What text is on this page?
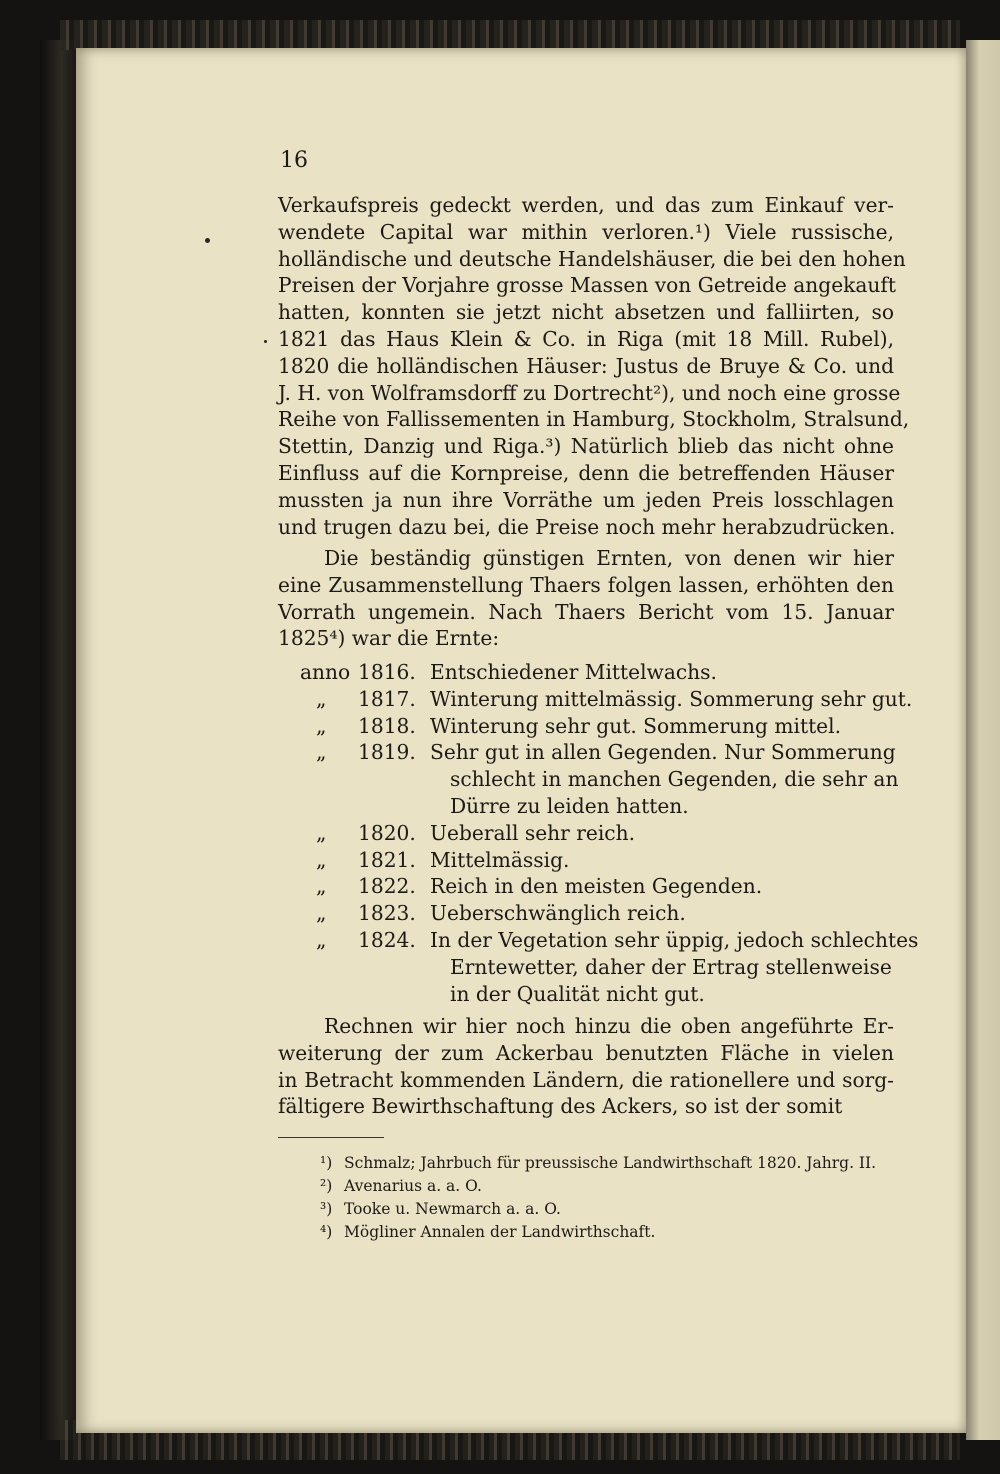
16
Verkaufspreis gedeckt werden, und das zum Einkauf ver-
wendete Capital war mithin verloren.¹) Viele russische,
holländische und deutsche Handelshäuser, die bei den hohen
Preisen der Vorjahre grosse Massen von Getreide angekauft
hatten, konnten sie jetzt nicht absetzen und falliirten, so
1821 das Haus Klein & Co. in Riga (mit 18 Mill. Rubel),
1820 die holländischen Häuser: Justus de Bruye & Co. und
J. H. von Wolframsdorff zu Dortrecht²), und noch eine grosse
Reihe von Fallissementen in Hamburg, Stockholm, Stralsund,
Stettin, Danzig und Riga.³) Natürlich blieb das nicht ohne
Einfluss auf die Kornpreise, denn die betreffenden Häuser
mussten ja nun ihre Vorräthe um jeden Preis losschlagen
und trugen dazu bei, die Preise noch mehr herabzudrücken.
Die beständig günstigen Ernten, von denen wir hier
eine Zusammenstellung Thaers folgen lassen, erhöhten den
Vorrath ungemein. Nach Thaers Bericht vom 15. Januar
1825⁴) war die Ernte:
anno 1816. Entschiedener Mittelwachs.
„	1817. Winterung mittelmässig. Sommerung sehr gut.
„	1818. Winterung sehr gut. Sommerung mittel.
„	1819. Sehr gut in allen Gegenden. Nur Sommerung
schlecht in manchen Gegenden, die sehr an
Dürre zu leiden hatten.
„	1820. Ueberall sehr reich.
„	1821. Mittelmässig.
„	1822. Reich in den meisten Gegenden.
„	1823. Ueberschwänglich reich.
„	1824. In der Vegetation sehr üppig, jedoch schlechtes
Erntewetter, daher der Ertrag stellenweise
in der Qualität nicht gut.
Rechnen wir hier noch hinzu die oben angeführte Er-
weiterung der zum Ackerbau benutzten Fläche in vielen
in Betracht kommenden Ländern, die rationellere und sorg-
fältigere Bewirthschaftung des Ackers, so ist der somit
¹) Schmalz; Jahrbuch für preussische Landwirthschaft 1820. Jahrg. II.
²) Avenarius a. a. O.
³) Tooke u. Newmarch a. a. O.
⁴) Mögliner Annalen der Landwirthschaft.
